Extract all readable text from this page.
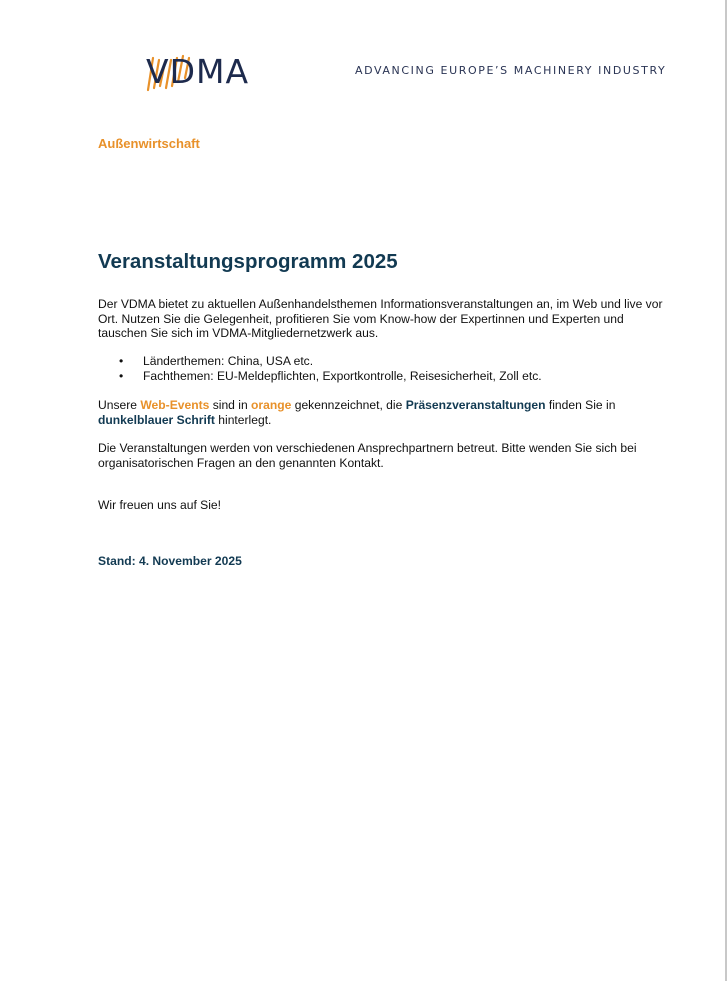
VDMA	ADVANCING EUROPE’S MACHINERY INDUSTRY
Außenwirtschaft
Veranstaltungsprogramm 2025

Der VDMA bietet zu aktuellen Außenhandelsthemen Informationsveranstaltungen an, im Web und live vor Ort. Nutzen Sie die Gelegenheit, profitieren Sie vom Know-how der Expertinnen und Experten und tauschen Sie sich im VDMA-Mitgliedernetzwerk aus.

• Länderthemen: China, USA etc.
• Fachthemen: EU-Meldepflichten, Exportkontrolle, Reisesicherheit, Zoll etc.

Unsere Web-Events sind in orange gekennzeichnet, die Präsenzveranstaltungen finden Sie in dunkelblauer Schrift hinterlegt.

Die Veranstaltungen werden von verschiedenen Ansprechpartnern betreut. Bitte wenden Sie sich bei organisatorischen Fragen an den genannten Kontakt.

Wir freuen uns auf Sie!

Stand: 4. November 2025
